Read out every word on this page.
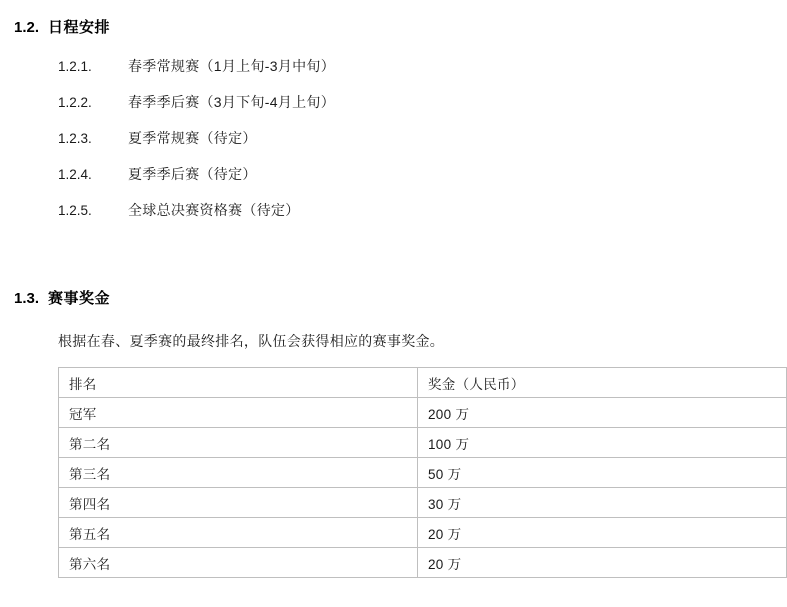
1.2. 日程安排
1.2.1.	春季常规赛（1月上旬-3月中旬）
1.2.2.	春季季后赛（3月下旬-4月上旬）
1.2.3.	夏季常规赛（待定）
1.2.4.	夏季季后赛（待定）
1.2.5.	全球总决赛资格赛（待定）
1.3. 赛事奖金
根据在春、夏季赛的最终排名，队伍会获得相应的赛事奖金。
排名	奖金（人民币）
冠军	200 万
第二名	100 万
第三名	50 万
第四名	30 万
第五名	20 万
第六名	20 万
